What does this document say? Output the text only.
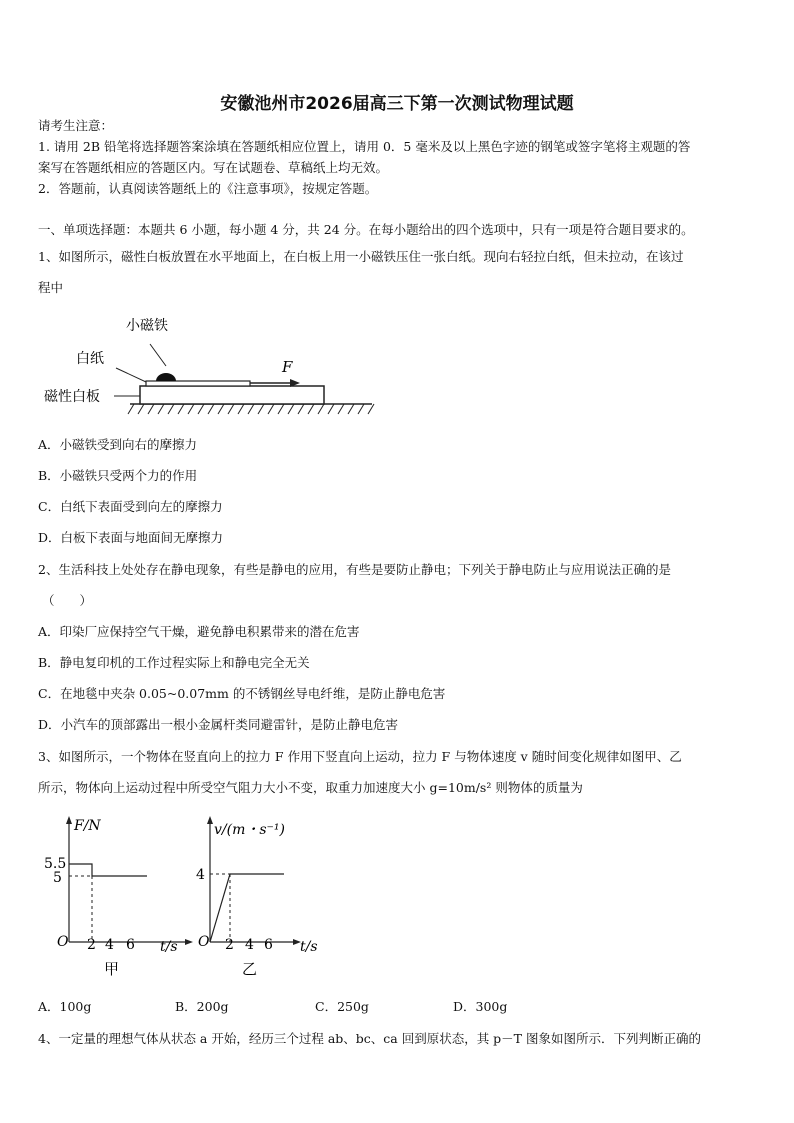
安徽池州市2026届高三下第一次测试物理试题
请考生注意：
1. 请用 2B 铅笔将选择题答案涂填在答题纸相应位置上，请用 0．5 毫米及以上黑色字迹的钢笔或签字笔将主观题的答
案写在答题纸相应的答题区内。写在试题卷、草稿纸上均无效。
2．答题前，认真阅读答题纸上的《注意事项》，按规定答题。
一、单项选择题：本题共 6 小题，每小题 4 分，共 24 分。在每小题给出的四个选项中，只有一项是符合题目要求的。
1、如图所示，磁性白板放置在水平地面上，在白板上用一小磁铁压住一张白纸。现向右轻拉白纸，但未拉动，在该过
程中
小磁铁
白纸
磁性白板
F
A．小磁铁受到向右的摩擦力
B．小磁铁只受两个力的作用
C．白纸下表面受到向左的摩擦力
D．白板下表面与地面间无摩擦力
2、生活科技上处处存在静电现象，有些是静电的应用，有些是要防止静电；下列关于静电防止与应用说法正确的是
（　　）
A．印染厂应保持空气干燥，避免静电积累带来的潜在危害
B．静电复印机的工作过程实际上和静电完全无关
C．在地毯中夹杂 0.05~0.07mm 的不锈钢丝导电纤维，是防止静电危害
D．小汽车的顶部露出一根小金属杆类同避雷针，是防止静电危害
3、如图所示，一个物体在竖直向上的拉力 F 作用下竖直向上运动，拉力 F 与物体速度 v 随时间变化规律如图甲、乙
所示，物体向上运动过程中所受空气阻力大小不变，取重力加速度大小 g=10m/s² 则物体的质量为
F/N
5.5
5
O 2 4 6 t/s
甲
v/(m・s⁻¹)
4
O 2 4 6 t/s
乙
A．100g	B．200g	C．250g	D．300g
4、一定量的理想气体从状态 a 开始，经历三个过程 ab、bc、ca 回到原状态，其 p－T 图象如图所示．下列判断正确的
